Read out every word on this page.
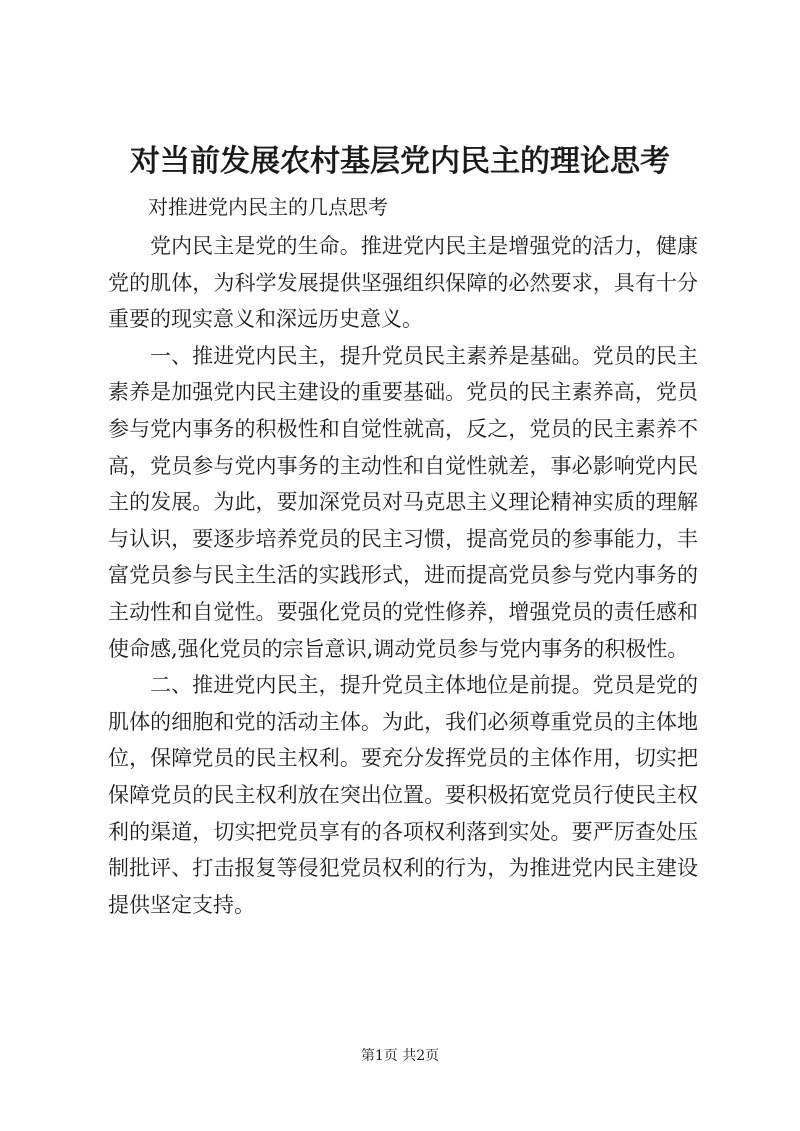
对当前发展农村基层党内民主的理论思考
对推进党内民主的几点思考

党内民主是党的生命。推进党内民主是增强党的活力，健康党的肌体，为科学发展提供坚强组织保障的必然要求，具有十分重要的现实意义和深远历史意义。

一、推进党内民主，提升党员民主素养是基础。党员的民主素养是加强党内民主建设的重要基础。党员的民主素养高，党员参与党内事务的积极性和自觉性就高，反之，党员的民主素养不高，党员参与党内事务的主动性和自觉性就差，事必影响党内民主的发展。为此，要加深党员对马克思主义理论精神实质的理解与认识，要逐步培养党员的民主习惯，提高党员的参事能力，丰富党员参与民主生活的实践形式，进而提高党员参与党内事务的主动性和自觉性。要强化党员的党性修养，增强党员的责任感和使命感,强化党员的宗旨意识,调动党员参与党内事务的积极性。

二、推进党内民主，提升党员主体地位是前提。党员是党的肌体的细胞和党的活动主体。为此，我们必须尊重党员的主体地位，保障党员的民主权利。要充分发挥党员的主体作用，切实把保障党员的民主权利放在突出位置。要积极拓宽党员行使民主权利的渠道，切实把党员享有的各项权利落到实处。要严厉查处压制批评、打击报复等侵犯党员权利的行为，为推进党内民主建设提供坚定支持。

第1页 共2页
